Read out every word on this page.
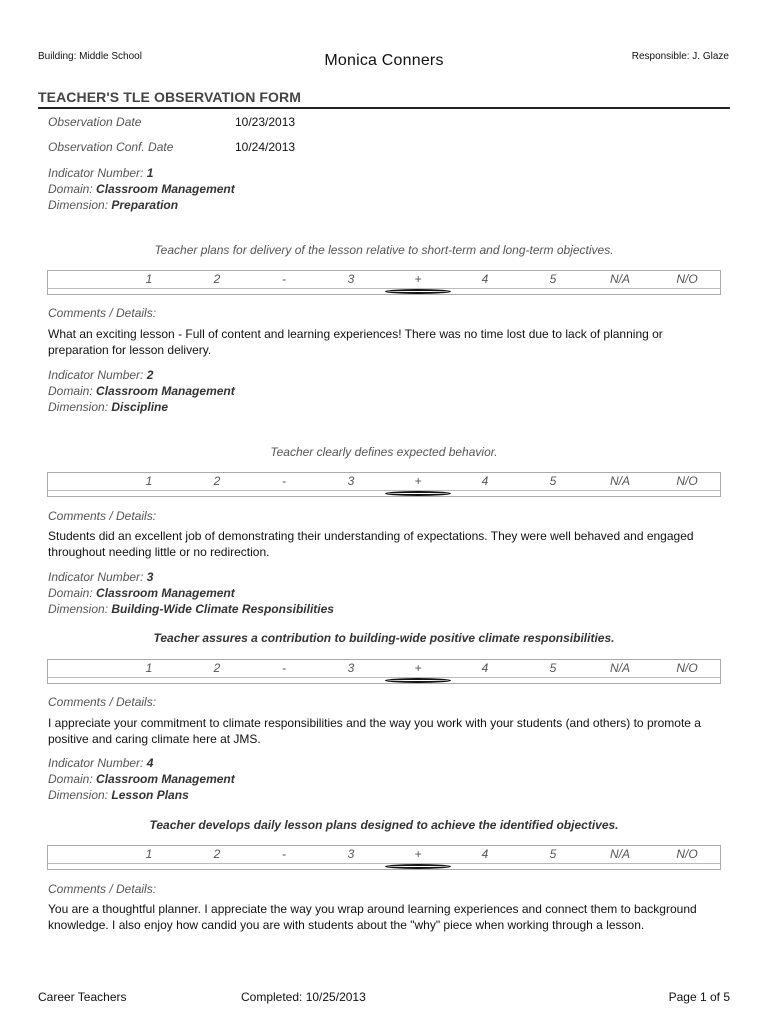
Building: Middle School	Monica Conners	Responsible: J. Glaze
TEACHER'S TLE OBSERVATION FORM
Observation Date	10/23/2013
Observation Conf. Date	10/24/2013
Indicator Number: 1
Domain: Classroom Management
Dimension: Preparation
Teacher plans for delivery of the lesson relative to short-term and long-term objectives.
1	2	-	3	+	4	5	N/A	N/O
Comments / Details:
What an exciting lesson - Full of content and learning experiences! There was no time lost due to lack of planning or preparation for lesson delivery.
Indicator Number: 2
Domain: Classroom Management
Dimension: Discipline
Teacher clearly defines expected behavior.
1	2	-	3	+	4	5	N/A	N/O
Comments / Details:
Students did an excellent job of demonstrating their understanding of expectations. They were well behaved and engaged throughout needing little or no redirection.
Indicator Number: 3
Domain: Classroom Management
Dimension: Building-Wide Climate Responsibilities
Teacher assures a contribution to building-wide positive climate responsibilities.
1	2	-	3	+	4	5	N/A	N/O
Comments / Details:
I appreciate your commitment to climate responsibilities and the way you work with your students (and others) to promote a positive and caring climate here at JMS.
Indicator Number: 4
Domain: Classroom Management
Dimension: Lesson Plans
Teacher develops daily lesson plans designed to achieve the identified objectives.
1	2	-	3	+	4	5	N/A	N/O
Comments / Details:
You are a thoughtful planner. I appreciate the way you wrap around learning experiences and connect them to background knowledge. I also enjoy how candid you are with students about the "why" piece when working through a lesson.
Career Teachers	Completed: 10/25/2013	Page 1 of 5
